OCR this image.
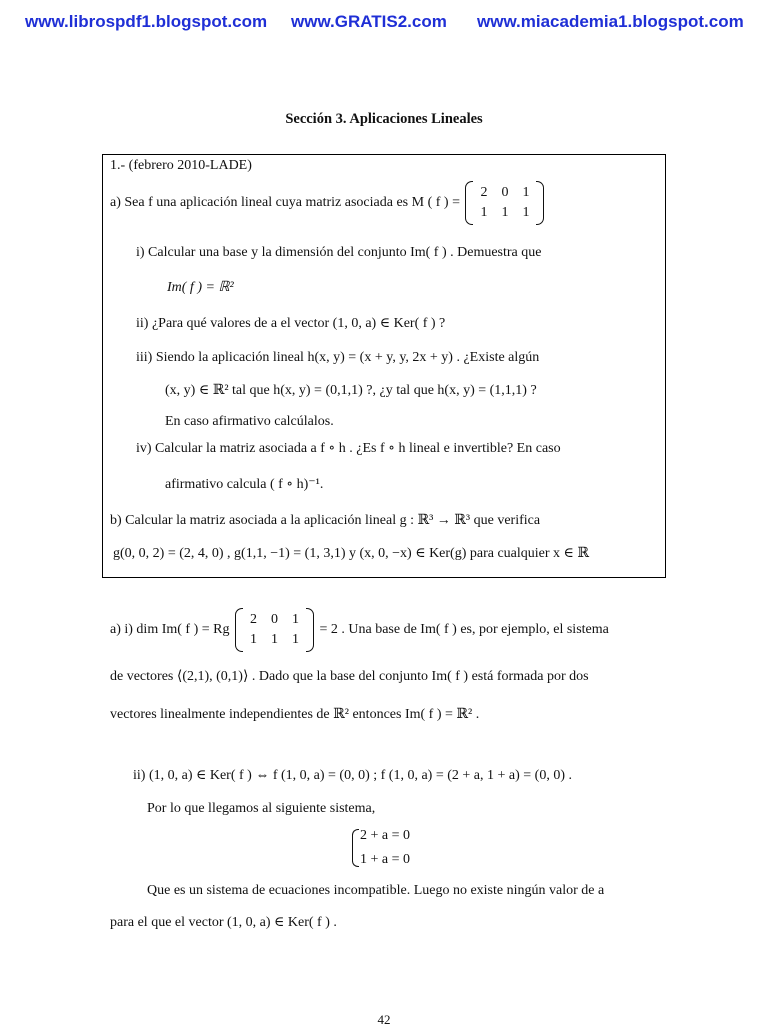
www.librospdf1.blogspot.com www.GRATIS2.com www.miacademia1.blogspot.com
Sección 3. Aplicaciones Lineales
1.- (febrero 2010-LADE)
a) Sea f una aplicación lineal cuya matriz asociada es M ( f ) =
2	0	1
1	1	1
i) Calcular una base y la dimensión del conjunto Im( f ) . Demuestra que
Im( f ) = ℝ²
ii) ¿Para qué valores de a el vector (1, 0, a) ∈ Ker( f ) ?
iii) Siendo la aplicación lineal h(x, y) = (x + y, y, 2x + y) . ¿Existe algún
(x, y) ∈ ℝ² tal que h(x, y) = (0,1,1) ?, ¿y tal que h(x, y) = (1,1,1) ?
En caso afirmativo calcúlalos.
iv) Calcular la matriz asociada a f ∘ h . ¿Es f ∘ h lineal e invertible? En caso
afirmativo calcula ( f ∘ h)⁻¹.
b) Calcular la matriz asociada a la aplicación lineal g : ℝ³ → ℝ³ que verifica
g(0, 0, 2) = (2, 4, 0) , g(1,1, −1) = (1, 3,1) y (x, 0, −x) ∈ Ker(g) para cualquier x ∈ ℝ
a) i) dim Im( f ) = Rg
2	0	1
1	1	1
= 2 . Una base de Im( f ) es, por ejemplo, el sistema
de vectores ⟨(2,1), (0,1)⟩ . Dado que la base del conjunto Im( f ) está formada por dos
vectores linealmente independientes de ℝ² entonces Im( f ) = ℝ² .
ii) (1, 0, a) ∈ Ker( f ) ⇔ f (1, 0, a) = (0, 0) ; f (1, 0, a) = (2 + a, 1 + a) = (0, 0) .
Por lo que llegamos al siguiente sistema,
2 + a = 0
1 + a = 0
Que es un sistema de ecuaciones incompatible. Luego no existe ningún valor de a
para el que el vector (1, 0, a) ∈ Ker( f ) .
42
